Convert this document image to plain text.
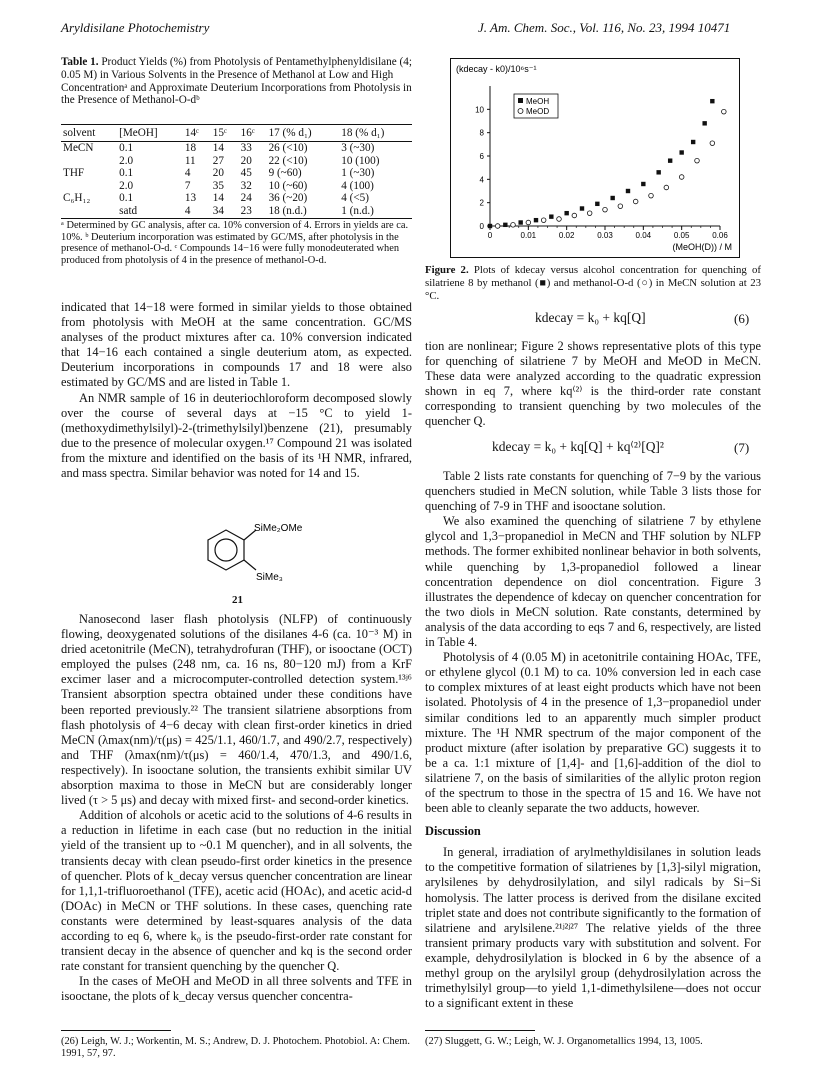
Aryldisilane Photochemistry	J. Am. Chem. Soc., Vol. 116, No. 23, 1994 10471
Table 1. Product Yields (%) from Photolysis of Pentamethylphenyldisilane (4; 0.05 M) in Various Solvents in the Presence of Methanol at Low and High Concentrationᵃ and Approximate Deuterium Incorporations from Photolysis in the Presence of Methanol-O-dᵇ
solvent	[MeOH]	14ᶜ	15ᶜ	16ᶜ	17 (% d₁)	18 (% d₁)
MeCN	0.1	18	14	33	26 (<10)	3 (~30)
	2.0	11	27	20	22 (<10)	10 (100)
THF	0.1	4	20	45	9 (~60)	1 (~30)
	2.0	7	35	32	10 (~60)	4 (100)
C₆H₁₂	0.1	13	14	24	36 (~20)	4 (<5)
	satd	4	34	23	18 (n.d.)	1 (n.d.)
ᵃ Determined by GC analysis, after ca. 10% conversion of 4. Errors in yields are ca. 10%. ᵇ Deuterium incorporation was estimated by GC/MS, after photolysis in the presence of methanol-O-d. ᶜ Compounds 14−16 were fully monodeuterated when produced from photolysis of 4 in the presence of methanol-O-d.

indicated that 14−18 were formed in similar yields to those obtained from photolysis with MeOH at the same concentration. GC/MS analyses of the product mixtures after ca. 10% conversion indicated that 14−16 each contained a single deuterium atom, as expected. Deuterium incorporations in compounds 17 and 18 were also estimated by GC/MS and are listed in Table 1.

An NMR sample of 16 in deuteriochloroform decomposed slowly over the course of several days at −15 °C to yield 1-(methoxydimethylsilyl)-2-(trimethylsilyl)benzene (21), presumably due to the presence of molecular oxygen.¹⁷ Compound 21 was isolated from the mixture and identified on the basis of its ¹H NMR, infrared, and mass spectra. Similar behavior was noted for 14 and 15.

SiMe₂OMe
SiMe₃
21

Nanosecond laser flash photolysis (NLFP) of continuously flowing, deoxygenated solutions of the disilanes 4-6 (ca. 10⁻³ M) in dried acetonitrile (MeCN), tetrahydrofuran (THF), or isooctane (OCT) employed the pulses (248 nm, ca. 16 ns, 80−120 mJ) from a KrF excimer laser and a microcomputer-controlled detection system.¹³ʲ⁶ Transient absorption spectra obtained under these conditions have been reported previously.²² The transient silatriene absorptions from flash photolysis of 4−6 decay with clean first-order kinetics in dried MeCN (λmax(nm)/τ(μs) = 425/1.1, 460/1.7, and 490/2.7, respectively) and THF (λmax(nm)/τ(μs) = 460/1.4, 470/1.3, and 490/1.6, respectively). In isooctane solution, the transients exhibit similar UV absorption maxima to those in MeCN but are considerably longer lived (τ > 5 μs) and decay with mixed first- and second-order kinetics.

Addition of alcohols or acetic acid to the solutions of 4-6 results in a reduction in lifetime in each case (but no reduction in the initial yield of the transient up to ~0.1 M quencher), and in all solvents, the transients decay with clean pseudo-first order kinetics in the presence of quencher. Plots of k_decay versus quencher concentration are linear for 1,1,1-trifluoroethanol (TFE), acetic acid (HOAc), and acetic acid-d (DOAc) in MeCN or THF solutions. In these cases, quenching rate constants were determined by least-squares analysis of the data according to eq 6, where k₀ is the pseudo-first-order rate constant for transient decay in the absence of quencher and kq is the second order rate constant for transient quenching by the quencher Q.

In the cases of MeOH and MeOD in all three solvents and TFE in isooctane, the plots of k_decay versus quencher concentra-

(26) Leigh, W. J.; Workentin, M. S.; Andrew, D. J. Photochem. Photobiol. A: Chem. 1991, 57, 97.
(kdecay - k0)/10⁶s⁻¹
(MeOH(D)) / M
0	0.01	0.02	0.03	0.04	0.05	0.06
0
2
4
6
8
10
MeOH
MeOD
Figure 2. Plots of kdecay versus alcohol concentration for quenching of silatriene 8 by methanol (■) and methanol-O-d (○) in MeCN solution at 23 °C.
kdecay = k₀ + kq[Q]	(6)

tion are nonlinear; Figure 2 shows representative plots of this type for quenching of silatriene 7 by MeOH and MeOD in MeCN. These data were analyzed according to the quadratic expression shown in eq 7, where kq⁽²⁾ is the third-order rate constant corresponding to transient quenching by two molecules of the quencher Q.

kdecay = k₀ + kq[Q] + kq⁽²⁾[Q]²	(7)

Table 2 lists rate constants for quenching of 7−9 by the various quenchers studied in MeCN solution, while Table 3 lists those for quenching of 7-9 in THF and isooctane solution.

We also examined the quenching of silatriene 7 by ethylene glycol and 1,3−propanediol in MeCN and THF solution by NLFP methods. The former exhibited nonlinear behavior in both solvents, while quenching by 1,3-propanediol followed a linear concentration dependence on diol concentration. Figure 3 illustrates the dependence of kdecay on quencher concentration for the two diols in MeCN solution. Rate constants, determined by analysis of the data according to eqs 7 and 6, respectively, are listed in Table 4.

Photolysis of 4 (0.05 M) in acetonitrile containing HOAc, TFE, or ethylene glycol (0.1 M) to ca. 10% conversion led in each case to complex mixtures of at least eight products which have not been isolated. Photolysis of 4 in the presence of 1,3−propanediol under similar conditions led to an apparently much simpler product mixture. The ¹H NMR spectrum of the major component of the product mixture (after isolation by preparative GC) suggests it to be a ca. 1:1 mixture of [1,4]- and [1,6]-addition of the diol to silatriene 7, on the basis of similarities of the allylic proton region of the spectrum to those in the spectra of 15 and 16. We have not been able to cleanly separate the two adducts, however.

Discussion

In general, irradiation of arylmethyldisilanes in solution leads to the competitive formation of silatrienes by [1,3]-silyl migration, arylsilenes by dehydrosilylation, and silyl radicals by Si−Si homolysis. The latter process is derived from the disilane excited triplet state and does not contribute significantly to the formation of silatriene and arylsilene.²¹ʲ²ʲ²⁷ The relative yields of the three transient primary products vary with substitution and solvent. For example, dehydrosilylation is blocked in 6 by the absence of a methyl group on the arylsilyl group (dehydrosilylation across the trimethylsilyl group—to yield 1,1-dimethylsilene—does not occur to a significant extent in these

(27) Sluggett, G. W.; Leigh, W. J. Organometallics 1994, 13, 1005.
